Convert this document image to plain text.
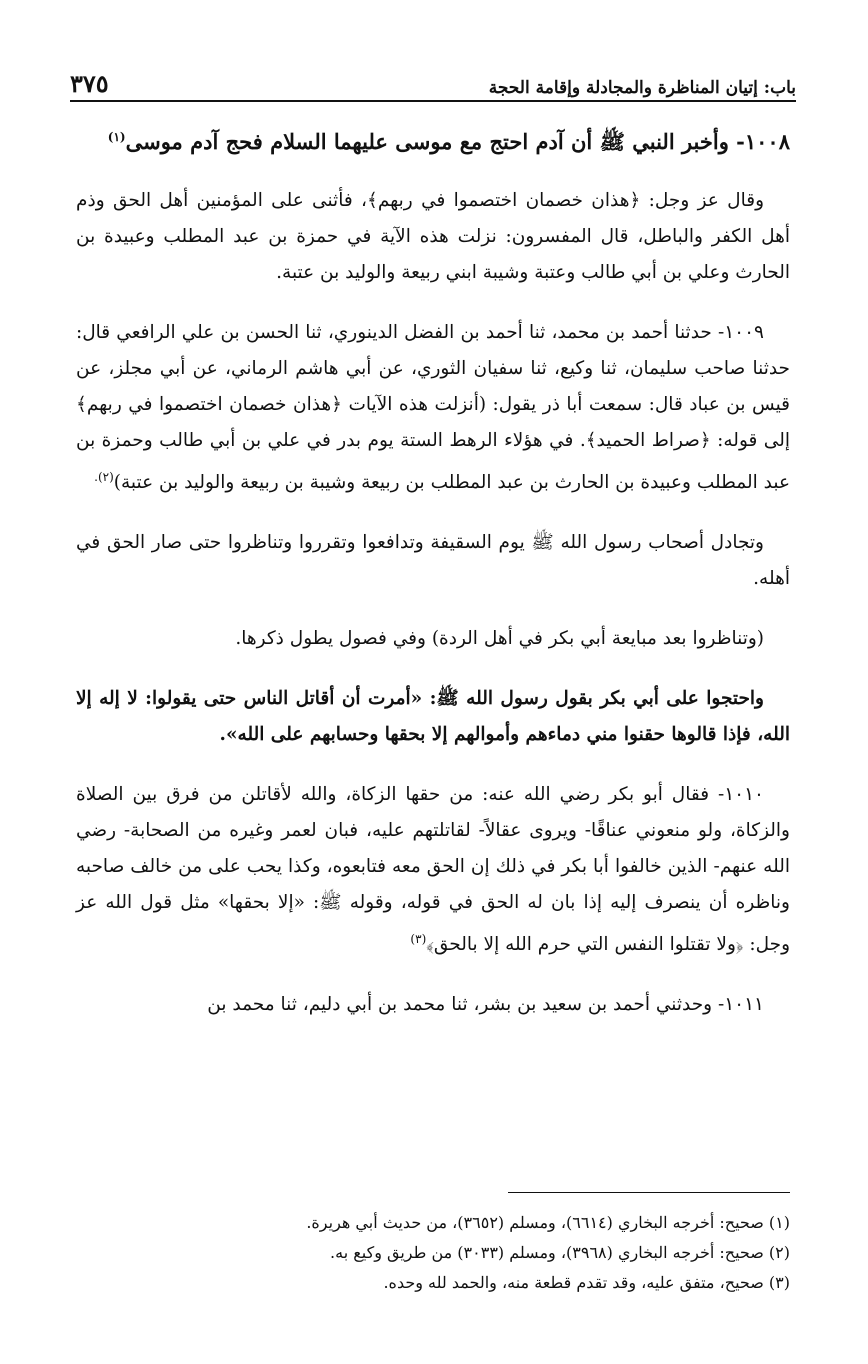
باب: إتيان المناظرة والمجادلة وإقامة الحجة
٣٧٥

١٠٠٨- وأخبر النبي ﷺ أن آدم احتج مع موسى عليهما السلام فحج آدم موسى$^{(١)}$

وقال عز وجل: ﴿هذان خصمان اختصموا في ربهم﴾، فأثنى على المؤمنين أهل الحق وذم أهل الكفر والباطل، قال المفسرون: نزلت هذه الآية في حمزة بن عبد المطلب وعبيدة بن الحارث وعلي بن أبي طالب وعتبة وشيبة ابني ربيعة والوليد بن عتبة.

١٠٠٩- حدثنا أحمد بن محمد، ثنا أحمد بن الفضل الدينوري، ثنا الحسن بن علي الرافعي قال: حدثنا صاحب سليمان، ثنا وكيع، ثنا سفيان الثوري، عن أبي هاشم الرماني، عن أبي مجلز، عن قيس بن عباد قال: سمعت أبا ذر يقول: (أنزلت هذه الآيات ﴿هذان خصمان اختصموا في ربهم﴾ إلى قوله: ﴿صراط الحميد﴾. في هؤلاء الرهط الستة يوم بدر في علي بن أبي طالب وحمزة بن عبد المطلب وعبيدة بن الحارث بن عبد المطلب بن ربيعة وشيبة بن ربيعة والوليد بن عتبة)$^{(٢).}$

وتجادل أصحاب رسول الله ﷺ يوم السقيفة وتدافعوا وتقرروا وتناظروا حتى صار الحق في أهله.

(وتناظروا بعد مبايعة أبي بكر في أهل الردة) وفي فصول يطول ذكرها.

واحتجوا على أبي بكر بقول رسول الله ﷺ: «أمرت أن أقاتل الناس حتى يقولوا: لا إله إلا الله، فإذا قالوها حقنوا مني دماءهم وأموالهم إلا بحقها وحسابهم على الله».

١٠١٠- فقال أبو بكر رضي الله عنه: من حقها الزكاة، والله لأقاتلن من فرق بين الصلاة والزكاة، ولو منعوني عناقًا- ويروى عقالاً- لقاتلتهم عليه، فبان لعمر وغيره من الصحابة- رضي الله عنهم- الذين خالفوا أبا بكر في ذلك إن الحق معه فتابعوه، وكذا يحب على من خالف صاحبه وناظره أن ينصرف إليه إذا بان له الحق في قوله، وقوله ﷺ: «إلا بحقها» مثل قول الله عز وجل: ﴿ولا تقتلوا النفس التي حرم الله إلا بالحق﴾$^{(٣)}$

١٠١١- وحدثني أحمد بن سعيد بن بشر، ثنا محمد بن أبي دليم، ثنا محمد بن

(١) صحيح: أخرجه البخاري (٦٦١٤)، ومسلم (٣٦٥٢)، من حديث أبي هريرة.
(٢) صحيح: أخرجه البخاري (٣٩٦٨)، ومسلم (٣٠٣٣) من طريق وكيع به.
(٣) صحيح، متفق عليه، وقد تقدم قطعة منه، والحمد لله وحده.
